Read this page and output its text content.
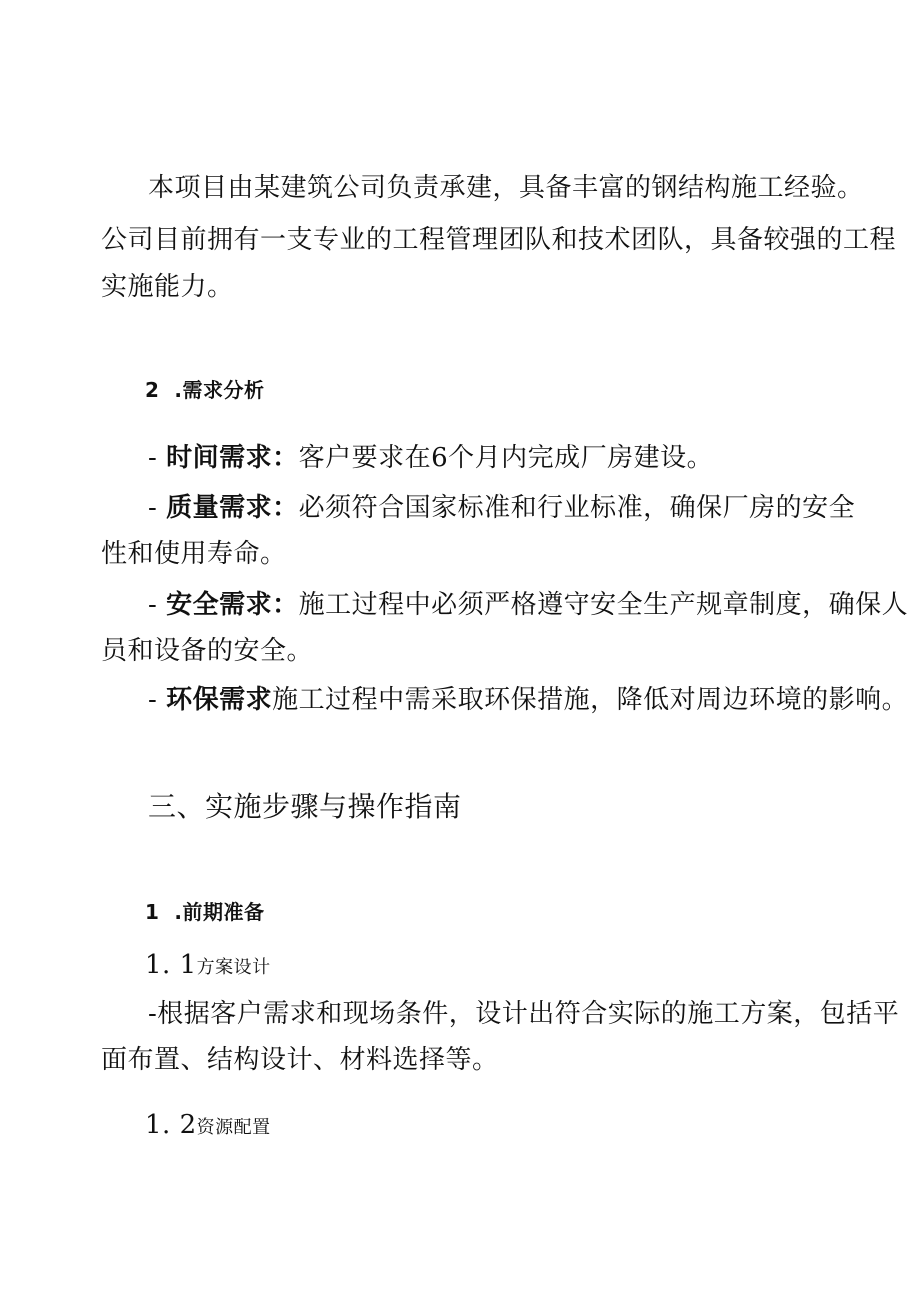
本项目由某建筑公司负责承建，具备丰富的钢结构施工经验。
公司目前拥有一支专业的工程管理团队和技术团队，具备较强的工程
实施能力。
2 .需求分析
- 时间需求：客户要求在6个月内完成厂房建设。
- 质量需求：必须符合国家标准和行业标准，确保厂房的安全
性和使用寿命。
- 安全需求：施工过程中必须严格遵守安全生产规章制度，确保人
员和设备的安全。
- 环保需求施工过程中需采取环保措施，降低对周边环境的影响。
三、实施步骤与操作指南
1 .前期准备
1. 1方案设计
-根据客户需求和现场条件，设计出符合实际的施工方案，包括平
面布置、结构设计、材料选择等。
1. 2资源配置
